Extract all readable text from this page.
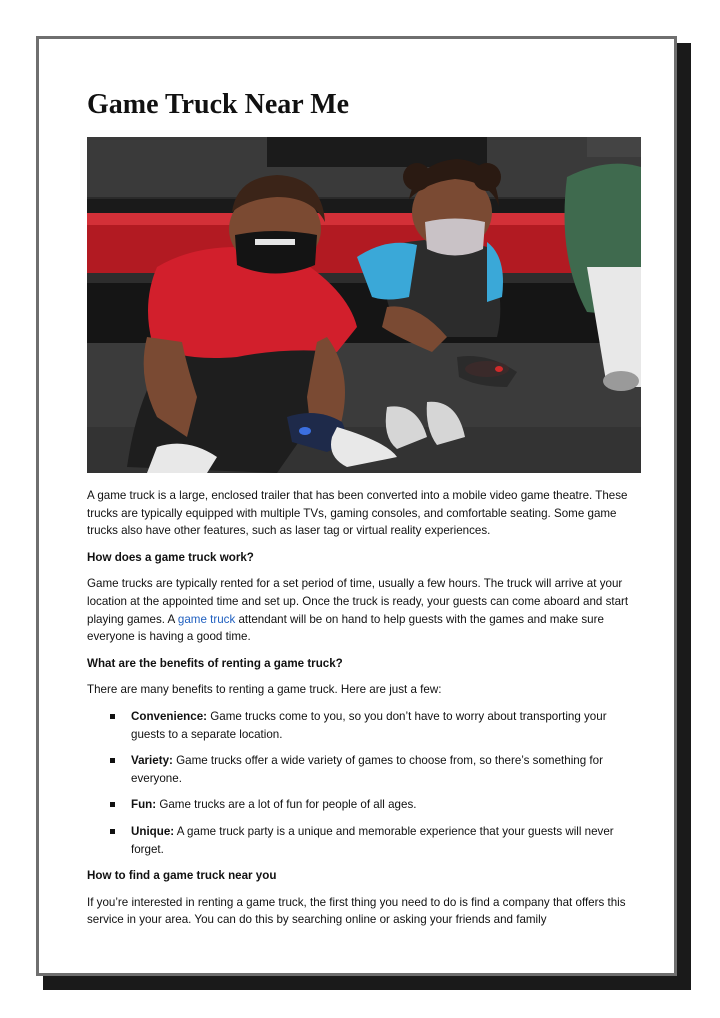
Game Truck Near Me

A game truck is a large, enclosed trailer that has been converted into a mobile video game theatre. These trucks are typically equipped with multiple TVs, gaming consoles, and comfortable seating. Some game trucks also have other features, such as laser tag or virtual reality experiences.

How does a game truck work?

Game trucks are typically rented for a set period of time, usually a few hours. The truck will arrive at your location at the appointed time and set up. Once the truck is ready, your guests can come aboard and start playing games. A game truck attendant will be on hand to help guests with the games and make sure everyone is having a good time.

What are the benefits of renting a game truck?

There are many benefits to renting a game truck. Here are just a few:

Convenience: Game trucks come to you, so you don’t have to worry about transporting your guests to a separate location.
Variety: Game trucks offer a wide variety of games to choose from, so there’s something for everyone.
Fun: Game trucks are a lot of fun for people of all ages.
Unique: A game truck party is a unique and memorable experience that your guests will never forget.

How to find a game truck near you

If you’re interested in renting a game truck, the first thing you need to do is find a company that offers this service in your area. You can do this by searching online or asking your friends and family
